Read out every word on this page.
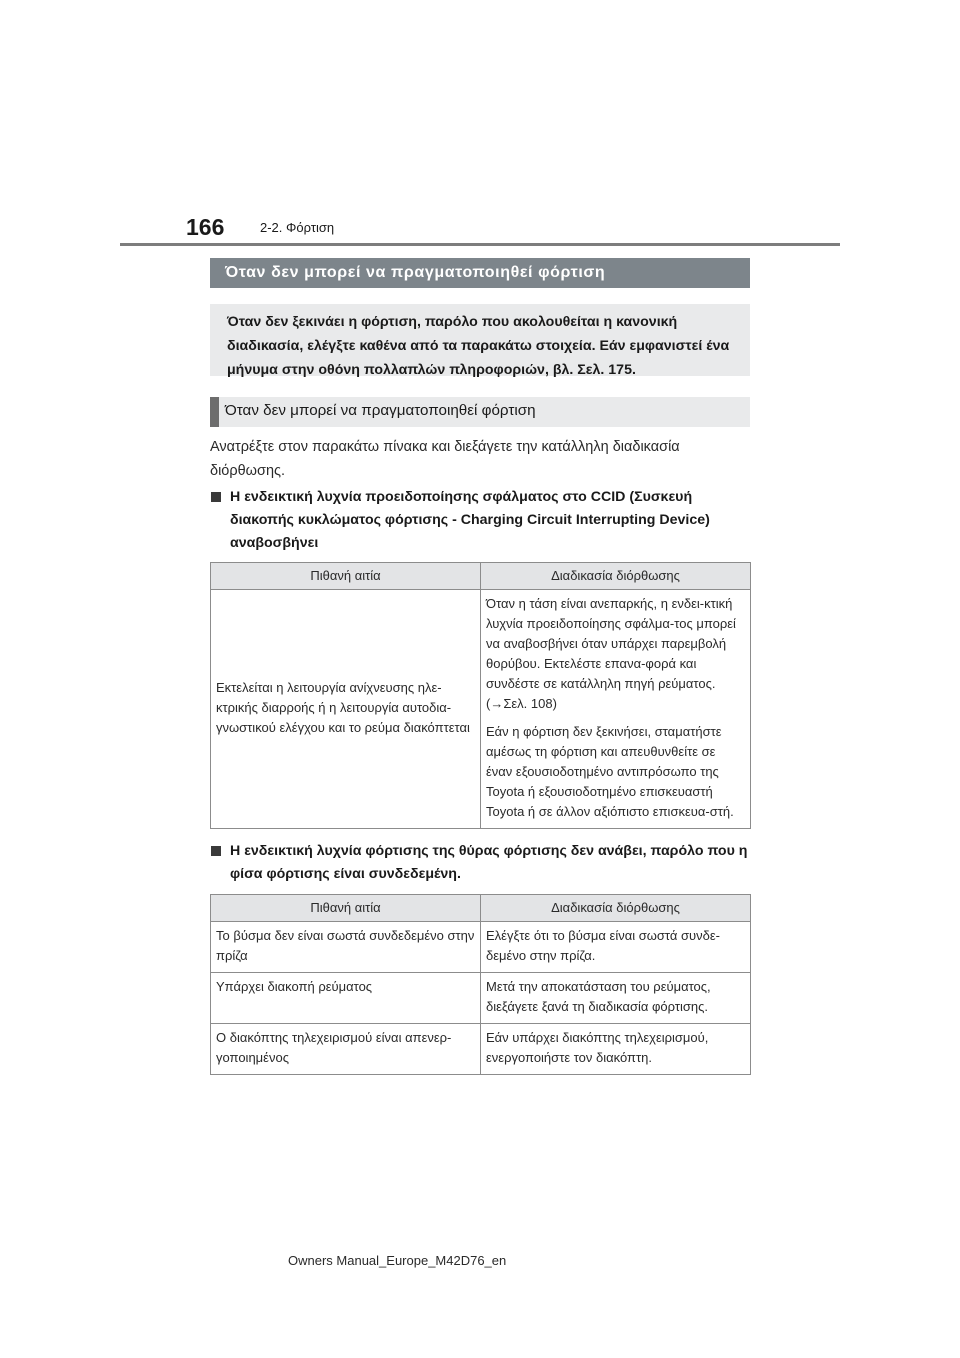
166	2-2. Φόρτιση
Όταν δεν μπορεί να πραγματοποιηθεί φόρτιση
Όταν δεν ξεκινάει η φόρτιση, παρόλο που ακολουθείται η κανονική διαδικασία, ελέγξτε καθένα από τα παρακάτω στοιχεία. Εάν εμφανιστεί ένα μήνυμα στην οθόνη πολλαπλών πληροφοριών, βλ. Σελ. 175.
Όταν δεν μπορεί να πραγματοποιηθεί φόρτιση
Ανατρέξτε στον παρακάτω πίνακα και διεξάγετε την κατάλληλη διαδικασία διόρθωσης.
Η ενδεικτική λυχνία προειδοποίησης σφάλματος στο CCID (Συσκευή διακοπής κυκλώματος φόρτισης - Charging Circuit Interrupting Device) αναβοσβήνει
Πιθανή αιτία	Διαδικασία διόρθωσης
Εκτελείται η λειτουργία ανίχνευσης ηλε-κτρικής διαρροής ή η λειτουργία αυτοδια-γνωστικού ελέγχου και το ρεύμα διακόπτεται	Όταν η τάση είναι ανεπαρκής, η ενδει-κτική λυχνία προειδοποίησης σφάλμα-τος μπορεί να αναβοσβήνει όταν υπάρχει παρεμβολή θορύβου. Εκτελέστε επανα-φορά και συνδέστε σε κατάλληλη πηγή ρεύματος. (→Σελ. 108)
Εάν η φόρτιση δεν ξεκινήσει, σταματήστε αμέσως τη φόρτιση και απευθυνθείτε σε έναν εξουσιοδοτημένο αντιπρόσωπο της Toyota ή εξουσιοδοτημένο επισκευαστή Toyota ή σε άλλον αξιόπιστο επισκευα-στή.
Η ενδεικτική λυχνία φόρτισης της θύρας φόρτισης δεν ανάβει, παρόλο που η φίσα φόρτισης είναι συνδεδεμένη.
Πιθανή αιτία	Διαδικασία διόρθωσης
Το βύσμα δεν είναι σωστά συνδεδεμένο στην πρίζα	Ελέγξτε ότι το βύσμα είναι σωστά συνδε-δεμένο στην πρίζα.
Υπάρχει διακοπή ρεύματος	Μετά την αποκατάσταση του ρεύματος, διεξάγετε ξανά τη διαδικασία φόρτισης.
Ο διακόπτης τηλεχειρισμού είναι απενερ-γοποιημένος	Εάν υπάρχει διακόπτης τηλεχειρισμού, ενεργοποιήστε τον διακόπτη.
Owners Manual_Europe_M42D76_en
